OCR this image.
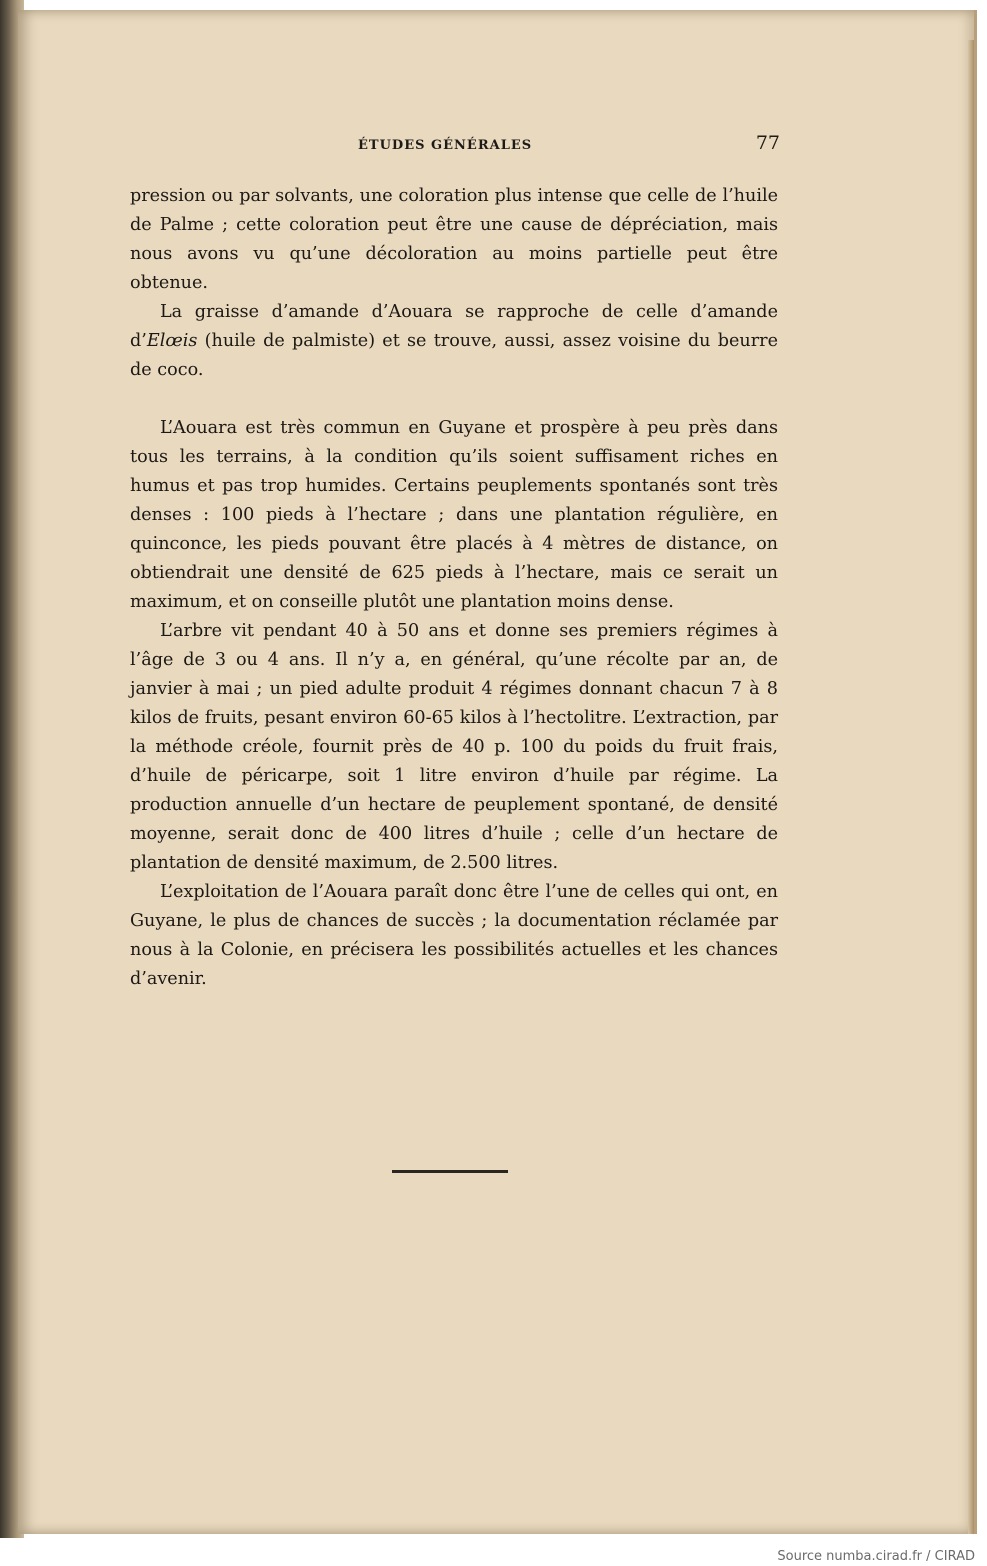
ÉTUDES GÉNÉRALES	77

pression ou par solvants, une coloration plus intense que celle de l’huile de Palme ; cette coloration peut être une cause de dépréciation, mais nous avons vu qu’une décoloration au moins partielle peut être obtenue.

La graisse d’amande d’Aouara se rapproche de celle d’amande d’Elœis (huile de palmiste) et se trouve, aussi, assez voisine du beurre de coco.

L’Aouara est très commun en Guyane et prospère à peu près dans tous les terrains, à la condition qu’ils soient suffisament riches en humus et pas trop humides. Certains peuplements spontanés sont très denses : 100 pieds à l’hectare ; dans une plantation régulière, en quinconce, les pieds pouvant être placés à 4 mètres de distance, on obtiendrait une densité de 625 pieds à l’hectare, mais ce serait un maximum, et on conseille plutôt une plantation moins dense.

L’arbre vit pendant 40 à 50 ans et donne ses premiers régimes à l’âge de 3 ou 4 ans. Il n’y a, en général, qu’une récolte par an, de janvier à mai ; un pied adulte produit 4 régimes donnant chacun 7 à 8 kilos de fruits, pesant environ 60-65 kilos à l’hectolitre. L’extraction, par la méthode créole, fournit près de 40 p. 100 du poids du fruit frais, d’huile de péricarpe, soit 1 litre environ d’huile par régime. La production annuelle d’un hectare de peuplement spontané, de densité moyenne, serait donc de 400 litres d’huile ; celle d’un hectare de plantation de densité maximum, de 2.500 litres.

L’exploitation de l’Aouara paraît donc être l’une de celles qui ont, en Guyane, le plus de chances de succès ; la documentation réclamée par nous à la Colonie, en précisera les possibilités actuelles et les chances d’avenir.

Source numba.cirad.fr / CIRAD
